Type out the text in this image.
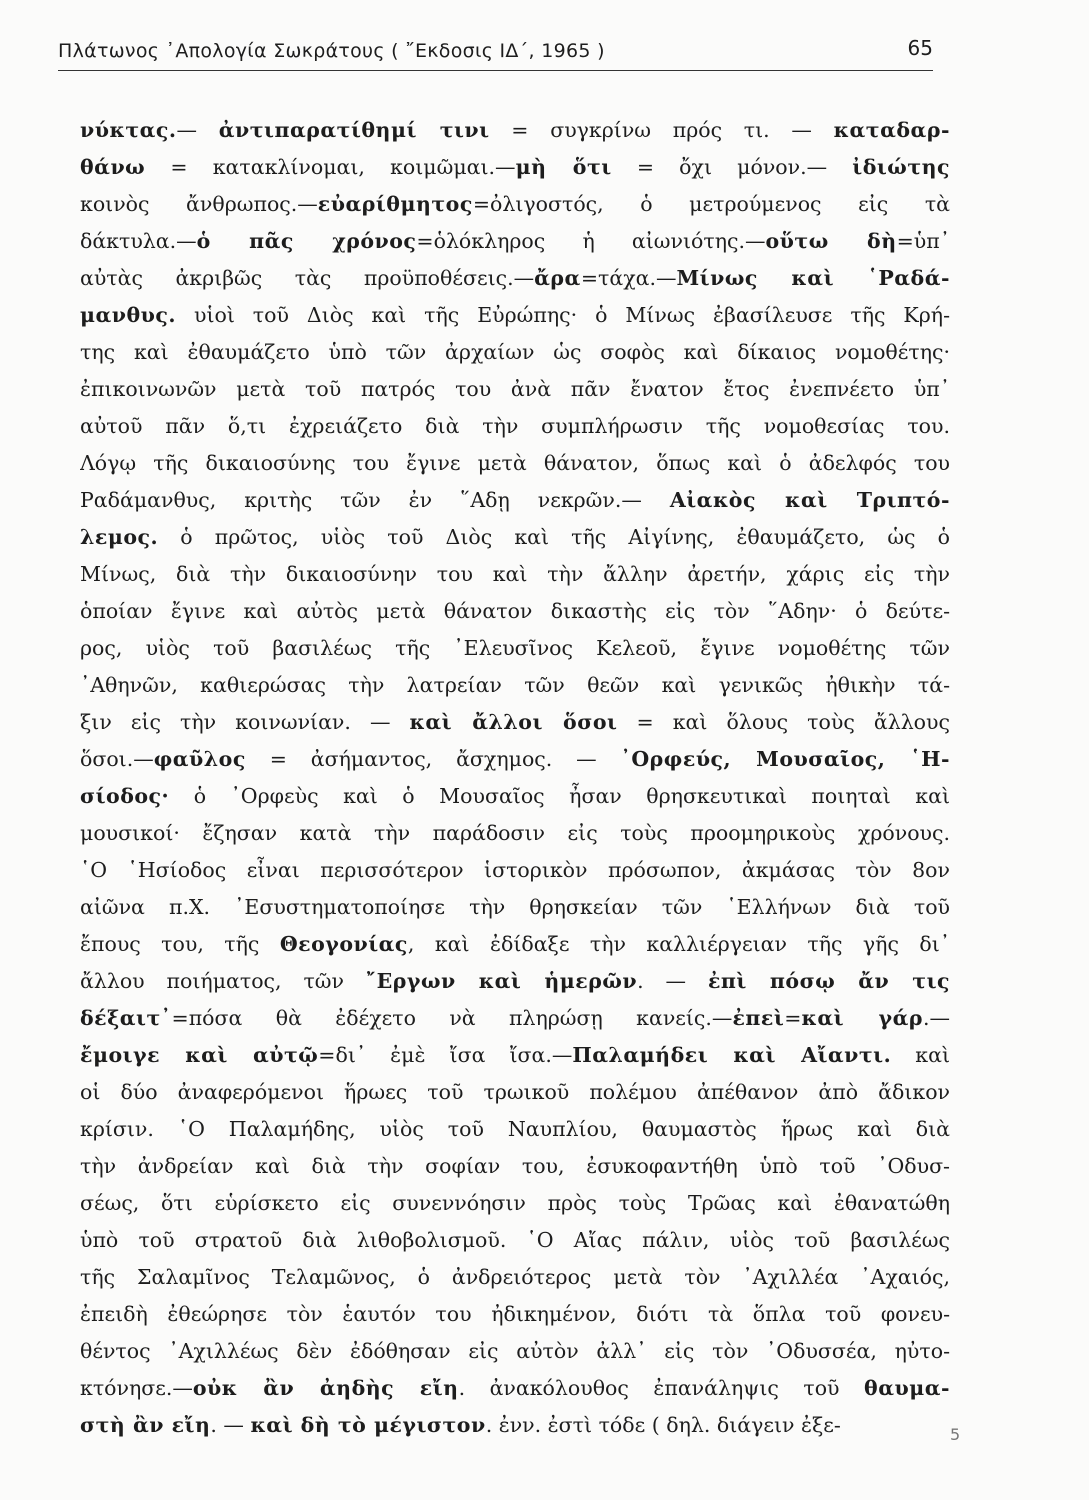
Πλάτωνος ᾿Απολογία Σωκράτους ( ῎Εκδοσις ΙΔ΄, 1965 )	65
νύκτας.— ἀντιπαρατίθημί τινι = συγκρίνω πρός τι. — καταδαρ-
θάνω = κατακλίνομαι, κοιμῶμαι.—μὴ ὅτι = ὄχι μόνον.— ἰδιώτης
κοινὸς ἄνθρωπος.—εὐαρίθμητος=ὀλιγοστός, ὁ μετρούμενος εἰς τὰ
δάκτυλα.—ὁ πᾶς χρόνος=ὁλόκληρος ἡ αἰωνιότης.—οὕτω δὴ=ὑπ᾽
αὐτὰς ἀκριβῶς τὰς προϋποθέσεις.—ἄρα=τάχα.—Μίνως καὶ ῾Ραδά-
μανθυς. υἱοὶ τοῦ Διὸς καὶ τῆς Εὐρώπης· ὁ Μίνως ἐβασίλευσε τῆς Κρή-
της καὶ ἐθαυμάζετο ὑπὸ τῶν ἀρχαίων ὡς σοφὸς καὶ δίκαιος νομοθέτης·
ἐπικοινωνῶν μετὰ τοῦ πατρός του ἀνὰ πᾶν ἔνατον ἔτος ἐνεπνέετο ὑπ᾽
αὐτοῦ πᾶν ὅ,τι ἐχρειάζετο διὰ τὴν συμπλήρωσιν τῆς νομοθεσίας του.
Λόγῳ τῆς δικαιοσύνης του ἔγινε μετὰ θάνατον, ὅπως καὶ ὁ ἀδελφός του
Ραδάμανθυς, κριτὴς τῶν ἐν ῞Αδῃ νεκρῶν.— Αἰακὸς καὶ Τριπτό-
λεμος. ὁ πρῶτος, υἱὸς τοῦ Διὸς καὶ τῆς Αἰγίνης, ἐθαυμάζετο, ὡς ὁ
Μίνως, διὰ τὴν δικαιοσύνην του καὶ τὴν ἄλλην ἀρετήν, χάρις εἰς τὴν
ὁποίαν ἔγινε καὶ αὐτὸς μετὰ θάνατον δικαστὴς εἰς τὸν ῞Αδην· ὁ δεύτε-
ρος, υἱὸς τοῦ βασιλέως τῆς ᾿Ελευσῖνος Κελεοῦ, ἔγινε νομοθέτης τῶν
᾿Αθηνῶν, καθιερώσας τὴν λατρείαν τῶν θεῶν καὶ γενικῶς ἠθικὴν τά-
ξιν εἰς τὴν κοινωνίαν. — καὶ ἄλλοι ὅσοι = καὶ ὅλους τοὺς ἄλλους
ὅσοι.—φαῦλος = ἀσήμαντος, ἄσχημος. — ᾿Ορφεύς, Μουσαῖος, ῾Η-
σίοδος· ὁ ᾿Ορφεὺς καὶ ὁ Μουσαῖος ἦσαν θρησκευτικαὶ ποιηταὶ καὶ
μουσικοί· ἔζησαν κατὰ τὴν παράδοσιν εἰς τοὺς προομηρικοὺς χρόνους.
῾Ο ῾Ησίοδος εἶναι περισσότερον ἱστορικὸν πρόσωπον, ἀκμάσας τὸν 8ον
αἰῶνα π.Χ. ᾿Εσυστηματοποίησε τὴν θρησκείαν τῶν ῾Ελλήνων διὰ τοῦ
ἔπους του, τῆς Θεογονίας, καὶ ἐδίδαξε τὴν καλλιέργειαν τῆς γῆς δι᾽
ἄλλου ποιήματος, τῶν ῎Εργων καὶ ἡμερῶν. — ἐπὶ πόσῳ ἄν τις
δέξαιτ᾽=πόσα θὰ ἐδέχετο νὰ πληρώσῃ κανείς.—ἐπεὶ=καὶ γάρ.—
ἔμοιγε καὶ αὐτῷ=δι᾽ ἐμὲ ἴσα ἴσα.—Παλαμήδει καὶ Αἴαντι. καὶ
οἱ δύο ἀναφερόμενοι ἥρωες τοῦ τρωικοῦ πολέμου ἀπέθανον ἀπὸ ἄδικον
κρίσιν. ῾Ο Παλαμήδης, υἱὸς τοῦ Ναυπλίου, θαυμαστὸς ἥρως καὶ διὰ
τὴν ἀνδρείαν καὶ διὰ τὴν σοφίαν του, ἐσυκοφαντήθη ὑπὸ τοῦ ᾿Οδυσ-
σέως, ὅτι εὑρίσκετο εἰς συνεννόησιν πρὸς τοὺς Τρῶας καὶ ἐθανατώθη
ὑπὸ τοῦ στρατοῦ διὰ λιθοβολισμοῦ. ῾Ο Αἴας πάλιν, υἱὸς τοῦ βασιλέως
τῆς Σαλαμῖνος Τελαμῶνος, ὁ ἀνδρειότερος μετὰ τὸν ᾿Αχιλλέα ᾿Αχαιός,
ἐπειδὴ ἐθεώρησε τὸν ἑαυτόν του ἠδικημένον, διότι τὰ ὅπλα τοῦ φονευ-
θέντος ᾿Αχιλλέως δὲν ἐδόθησαν εἰς αὐτὸν ἀλλ᾽ εἰς τὸν ᾿Οδυσσέα, ηὐτο-
κτόνησε.—οὐκ ἂν ἀηδὴς εἴη. ἀνακόλουθος ἐπανάληψις τοῦ θαυμα-
στὴ ἂν εἴη. — καὶ δὴ τὸ μέγιστον. ἐνν. ἐστὶ τόδε ( δηλ. διάγειν ἐξε-	5
